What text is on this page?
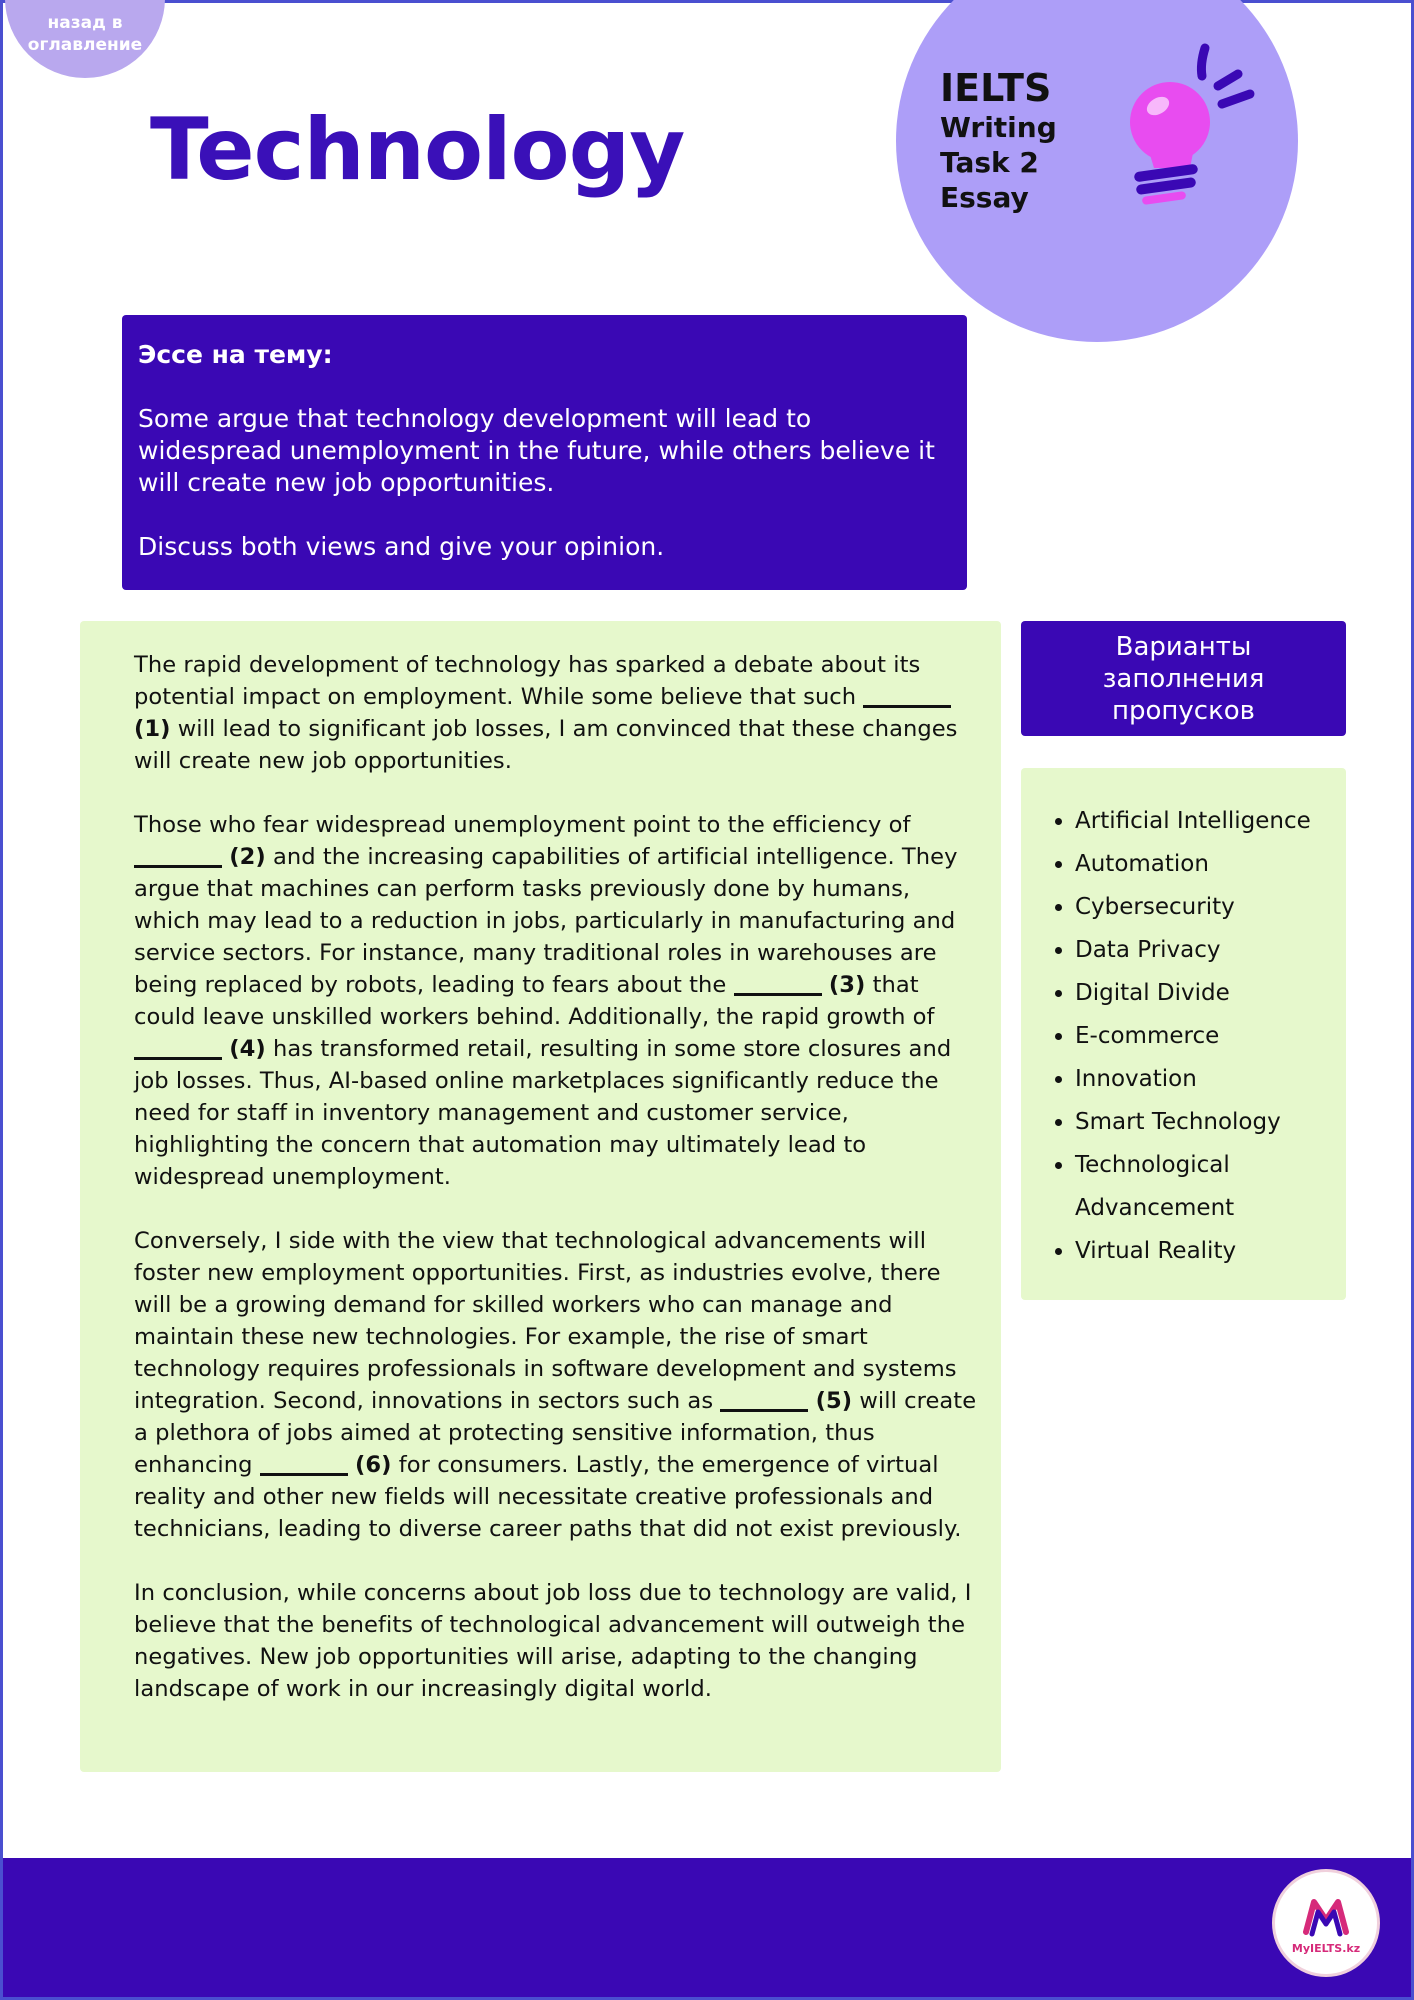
назад в
оглавление
Technology
IELTS
Writing
Task 2
Essay
Эссе на тему:
Some argue that technology development will lead to widespread unemployment in the future, while others believe it will create new job opportunities.
Discuss both views and give your opinion.

The rapid development of technology has sparked a debate about its potential impact on employment. While some believe that such  (1) will lead to significant job losses, I am convinced that these changes will create new job opportunities.

Those who fear widespread unemployment point to the efficiency of  (2) and the increasing capabilities of artificial intelligence. They argue that machines can perform tasks previously done by humans, which may lead to a reduction in jobs, particularly in manufacturing and service sectors. For instance, many traditional roles in warehouses are being replaced by robots, leading to fears about the	(3) that could leave unskilled workers behind. Additionally, the rapid growth of  (4) has transformed retail, resulting in some store closures and job losses. Thus, AI-based online marketplaces significantly reduce the need for staff in inventory management and customer service, highlighting the concern that automation may ultimately lead to widespread unemployment.

Conversely, I side with the view that technological advancements will foster new employment opportunities. First, as industries evolve, there will be a growing demand for skilled workers who can manage and maintain these new technologies. For example, the rise of smart technology requires professionals in software development and systems integration. Second, innovations in sectors such as	(5) will create a plethora of jobs aimed at protecting sensitive information, thus enhancing	(6) for consumers. Lastly, the emergence of virtual reality and other new fields will necessitate creative professionals and technicians, leading to diverse career paths that did not exist previously.

In conclusion, while concerns about job loss due to technology are valid, I believe that the benefits of technological advancement will outweigh the negatives. New job opportunities will arise, adapting to the changing landscape of work in our increasingly digital world.

Варианты заполнения пропусков
• Artificial Intelligence
• Automation
• Cybersecurity
• Data Privacy
• Digital Divide
• E-commerce
• Innovation
• Smart Technology
• Technological Advancement
• Virtual Reality
MyIELTS.kz
